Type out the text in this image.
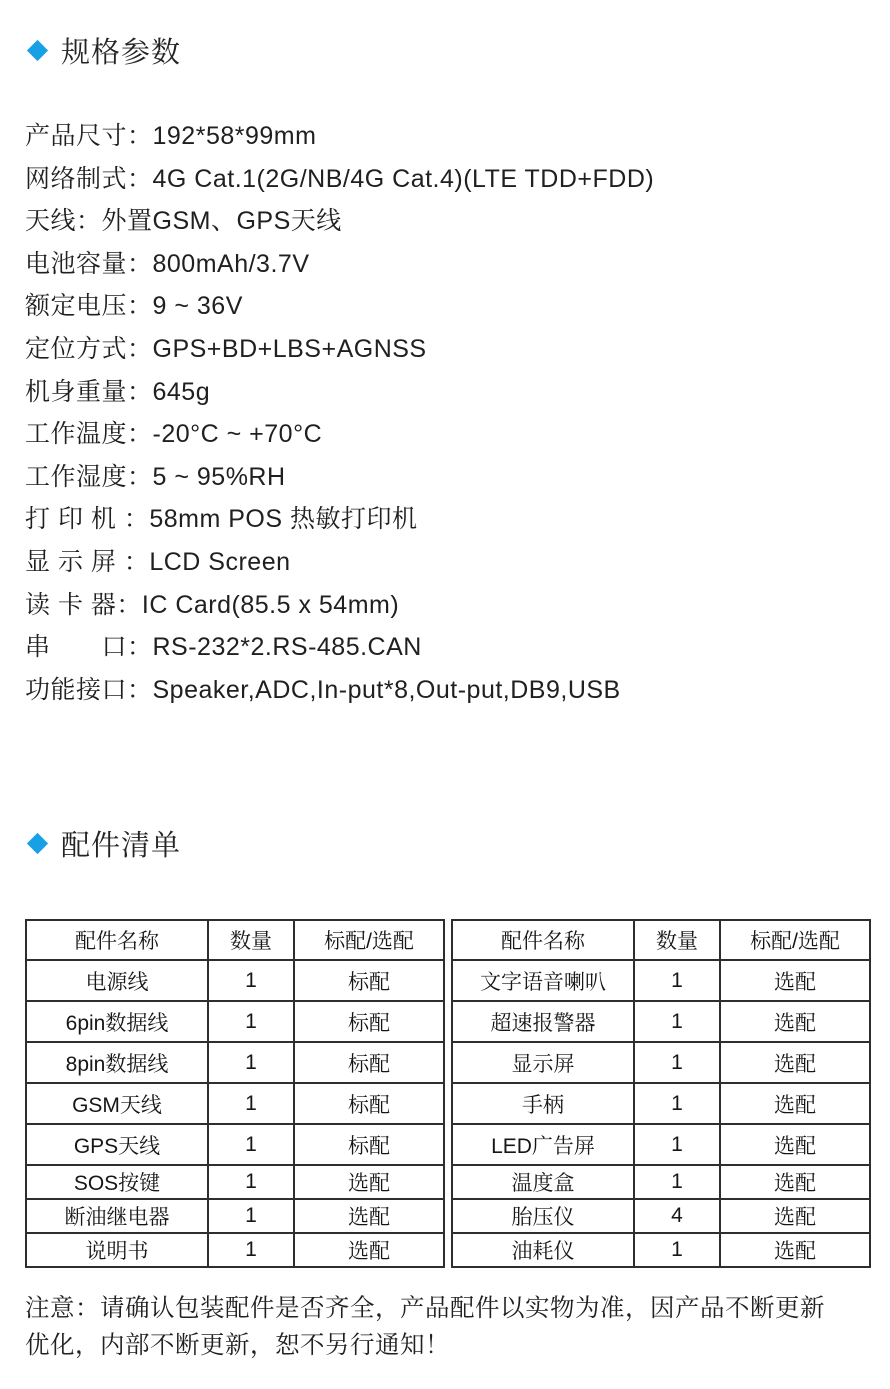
规格参数
产品尺寸：192*58*99mm
网络制式：4G Cat.1(2G/NB/4G Cat.4)(LTE TDD+FDD)
天线：外置GSM、GPS天线
电池容量：800mAh/3.7V
额定电压：9 ~ 36V
定位方式：GPS+BD+LBS+AGNSS
机身重量：645g
工作温度：-20°C ~ +70°C
工作湿度：5 ~ 95%RH
打 印 机 ：58mm POS 热敏打印机
显 示 屏 ：LCD Screen
读 卡 器：IC Card(85.5 x 54mm)
串　　口：RS-232*2.RS-485.CAN
功能接口：Speaker,ADC,In-put*8,Out-put,DB9,USB
配件清单
配件名称	数量	标配/选配
电源线	1	标配
6pin数据线	1	标配
8pin数据线	1	标配
GSM天线	1	标配
GPS天线	1	标配
SOS按键	1	选配
断油继电器	1	选配
说明书	1	选配
配件名称	数量	标配/选配
文字语音喇叭	1	选配
超速报警器	1	选配
显示屏	1	选配
手柄	1	选配
LED广告屏	1	选配
温度盒	1	选配
胎压仪	4	选配
油耗仪	1	选配
注意：请确认包装配件是否齐全，产品配件以实物为准，因产品不断更新
优化，内部不断更新，恕不另行通知！
